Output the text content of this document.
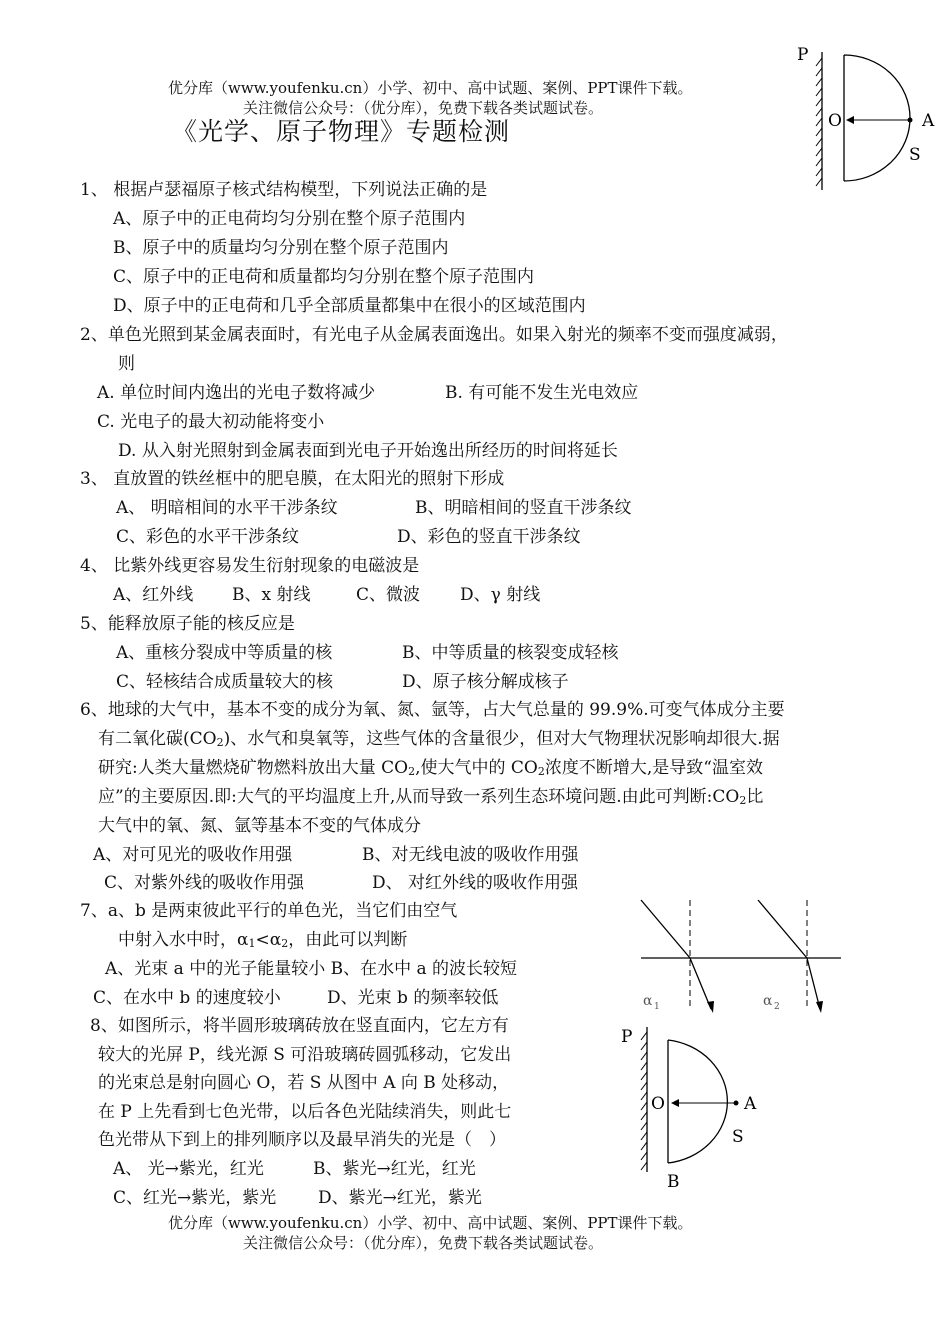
优分库（www.youfenku.cn）小学、初中、高中试题、案例、PPT课件下载。
关注微信公众号：（优分库），免费下载各类试题试卷。
《光学、原子物理》专题检测
P
O	A
S
1、 根据卢瑟福原子核式结构模型，下列说法正确的是
A、原子中的正电荷均匀分别在整个原子范围内
B、原子中的质量均匀分别在整个原子范围内
C、原子中的正电荷和质量都均匀分别在整个原子范围内
D、原子中的正电荷和几乎全部质量都集中在很小的区域范围内
2、单色光照到某金属表面时，有光电子从金属表面逸出。如果入射光的频率不变而强度减弱，
则
A. 单位时间内逸出的光电子数将减少	B. 有可能不发生光电效应
C. 光电子的最大初动能将变小
D. 从入射光照射到金属表面到光电子开始逸出所经历的时间将延长
3、 直放置的铁丝框中的肥皂膜，在太阳光的照射下形成
A、 明暗相间的水平干涉条纹	B、明暗相间的竖直干涉条纹
C、彩色的水平干涉条纹	D、彩色的竖直干涉条纹
4、 比紫外线更容易发生衍射现象的电磁波是
A、红外线 B、x 射线	C、微波 D、γ 射线
5、能释放原子能的核反应是
A、重核分裂成中等质量的核	B、中等质量的核裂变成轻核
C、轻核结合成质量较大的核	D、原子核分解成核子
6、地球的大气中，基本不变的成分为氧、氮、氩等，占大气总量的 99.9%.可变气体成分主要
有二氧化碳$(CO_2)$、水气和臭氧等，这些气体的含量很少，但对大气物理状况影响却很大.据
研究:人类大量燃烧矿物燃料放出大量 $CO_2$,使大气中的 $CO_2$浓度不断增大,是导致“温室效
应”的主要原因.即:大气的平均温度上升,从而导致一系列生态环境问题.由此可判断$:CO_2$比
大气中的氧、氮、氩等基本不变的气体成分
A、对可见光的吸收作用强	B、对无线电波的吸收作用强
C、对紫外线的吸收作用强	D、 对红外线的吸收作用强
7、a、b 是两束彼此平行的单色光，当它们由空气
中射入水中时，$\alpha_1<\alpha_2$，由此可以判断
A、光束 a 中的光子能量较小 B、在水中 a 的波长较短
C、在水中 b 的速度较小	D、光束 b 的频率较低	α 1	α 2
8、如图所示，将半圆形玻璃砖放在竖直面内，它左方有
较大的光屏 P，线光源 S 可沿玻璃砖圆弧移动，它发出
的光束总是射向圆心 O，若 S 从图中 A 向 B 处移动，
在 P 上先看到七色光带，以后各色光陆续消失，则此七
色光带从下到上的排列顺序以及最早消失的光是（　）
A、 光→紫光，红光	B、紫光→红光，红光
C、红光→紫光，紫光 D、紫光→红光，紫光
P
O	A
S
B
优分库（www.youfenku.cn）小学、初中、高中试题、案例、PPT课件下载。
关注微信公众号：（优分库），免费下载各类试题试卷。
